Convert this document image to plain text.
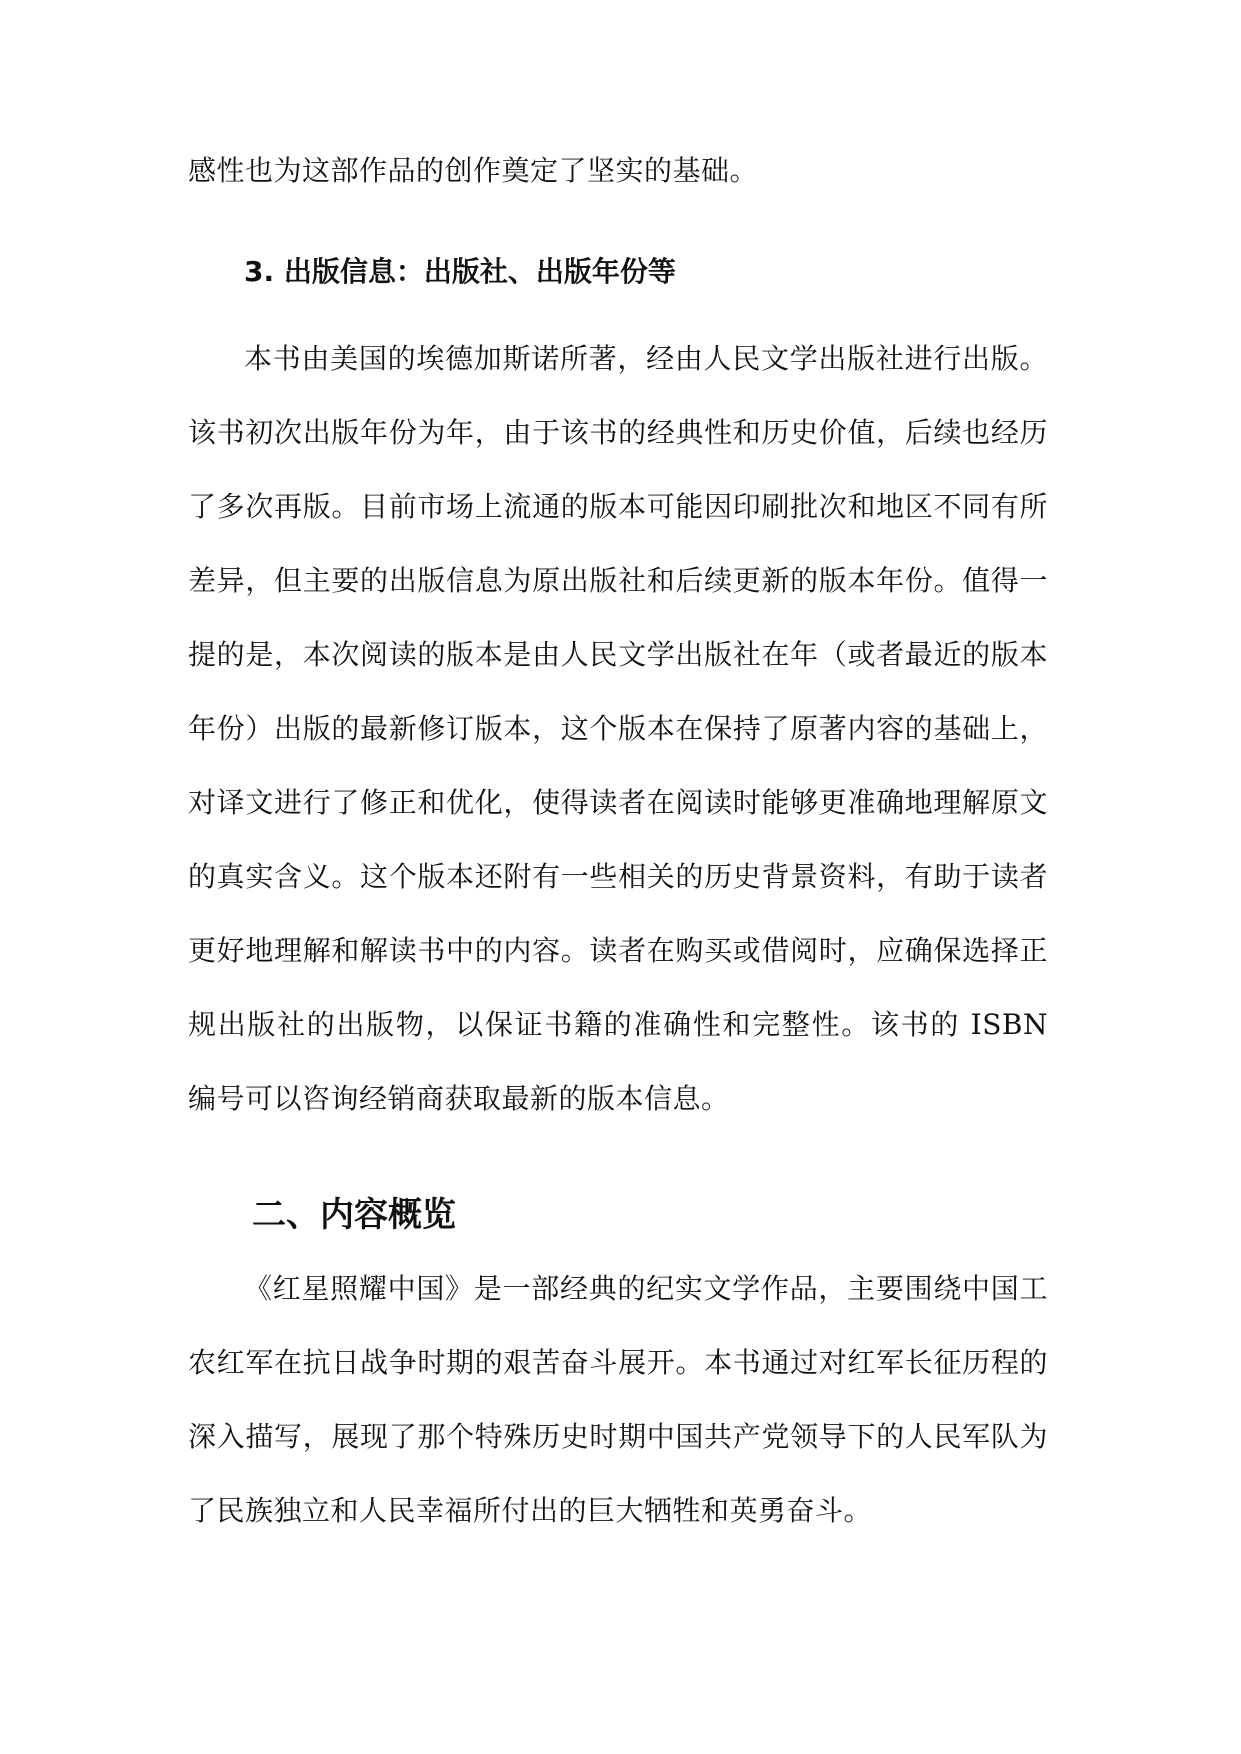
感性也为这部作品的创作奠定了坚实的基础。

3. 出版信息：出版社、出版年份等

本书由美国的埃德加斯诺所著，经由人民文学出版社进行出版。该书初次出版年份为年，由于该书的经典性和历史价值，后续也经历了多次再版。目前市场上流通的版本可能因印刷批次和地区不同有所差异，但主要的出版信息为原出版社和后续更新的版本年份。值得一提的是，本次阅读的版本是由人民文学出版社在年（或者最近的版本年份）出版的最新修订版本，这个版本在保持了原著内容的基础上，对译文进行了修正和优化，使得读者在阅读时能够更准确地理解原文的真实含义。这个版本还附有一些相关的历史背景资料，有助于读者更好地理解和解读书中的内容。读者在购买或借阅时，应确保选择正规出版社的出版物，以保证书籍的准确性和完整性。该书的 ISBN 编号可以咨询经销商获取最新的版本信息。

二、内容概览

《红星照耀中国》是一部经典的纪实文学作品，主要围绕中国工农红军在抗日战争时期的艰苦奋斗展开。本书通过对红军长征历程的深入描写，展现了那个特殊历史时期中国共产党领导下的人民军队为了民族独立和人民幸福所付出的巨大牺牲和英勇奋斗。
